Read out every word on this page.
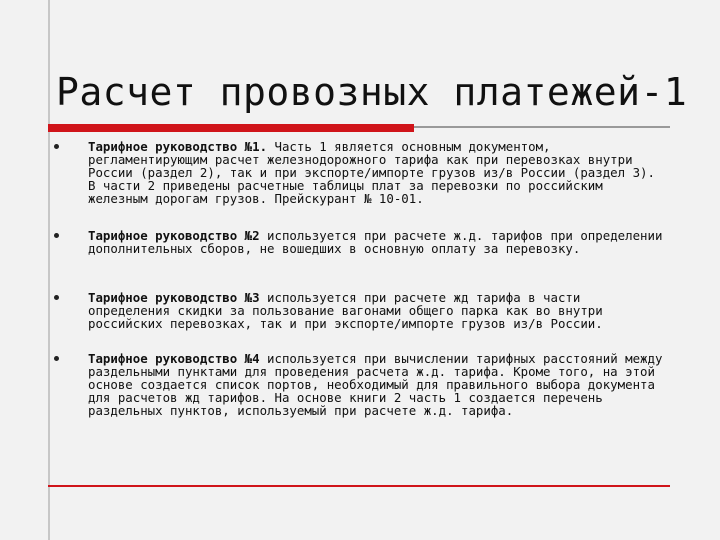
Расчет провозных платежей-1
Тарифное руководство №1. Часть 1 является основным документом, регламентирующим расчет железнодорожного тарифа как при перевозках внутри России (раздел 2), так и при экспорте/импорте грузов из/в России (раздел 3). В части 2 приведены расчетные таблицы плат за перевозки по российским железным дорогам грузов. Прейскурант № 10-01.
Тарифное руководство №2 используется при расчете ж.д. тарифов при определении дополнительных сборов, не вошедших в основную оплату за перевозку.
Тарифное руководство №3 используется при расчете жд тарифа в части определения скидки за пользование вагонами общего парка как во внутри российских перевозках, так и при экспорте/импорте грузов из/в России.
Тарифное руководство №4 используется при вычислении тарифных расстояний между раздельными пунктами для проведения расчета ж.д. тарифа. Кроме того, на этой основе создается список портов, необходимый для правильного выбора документа для расчетов жд тарифов. На основе книги 2 часть 1 создается перечень раздельных пунктов, используемый при расчете ж.д. тарифа.
